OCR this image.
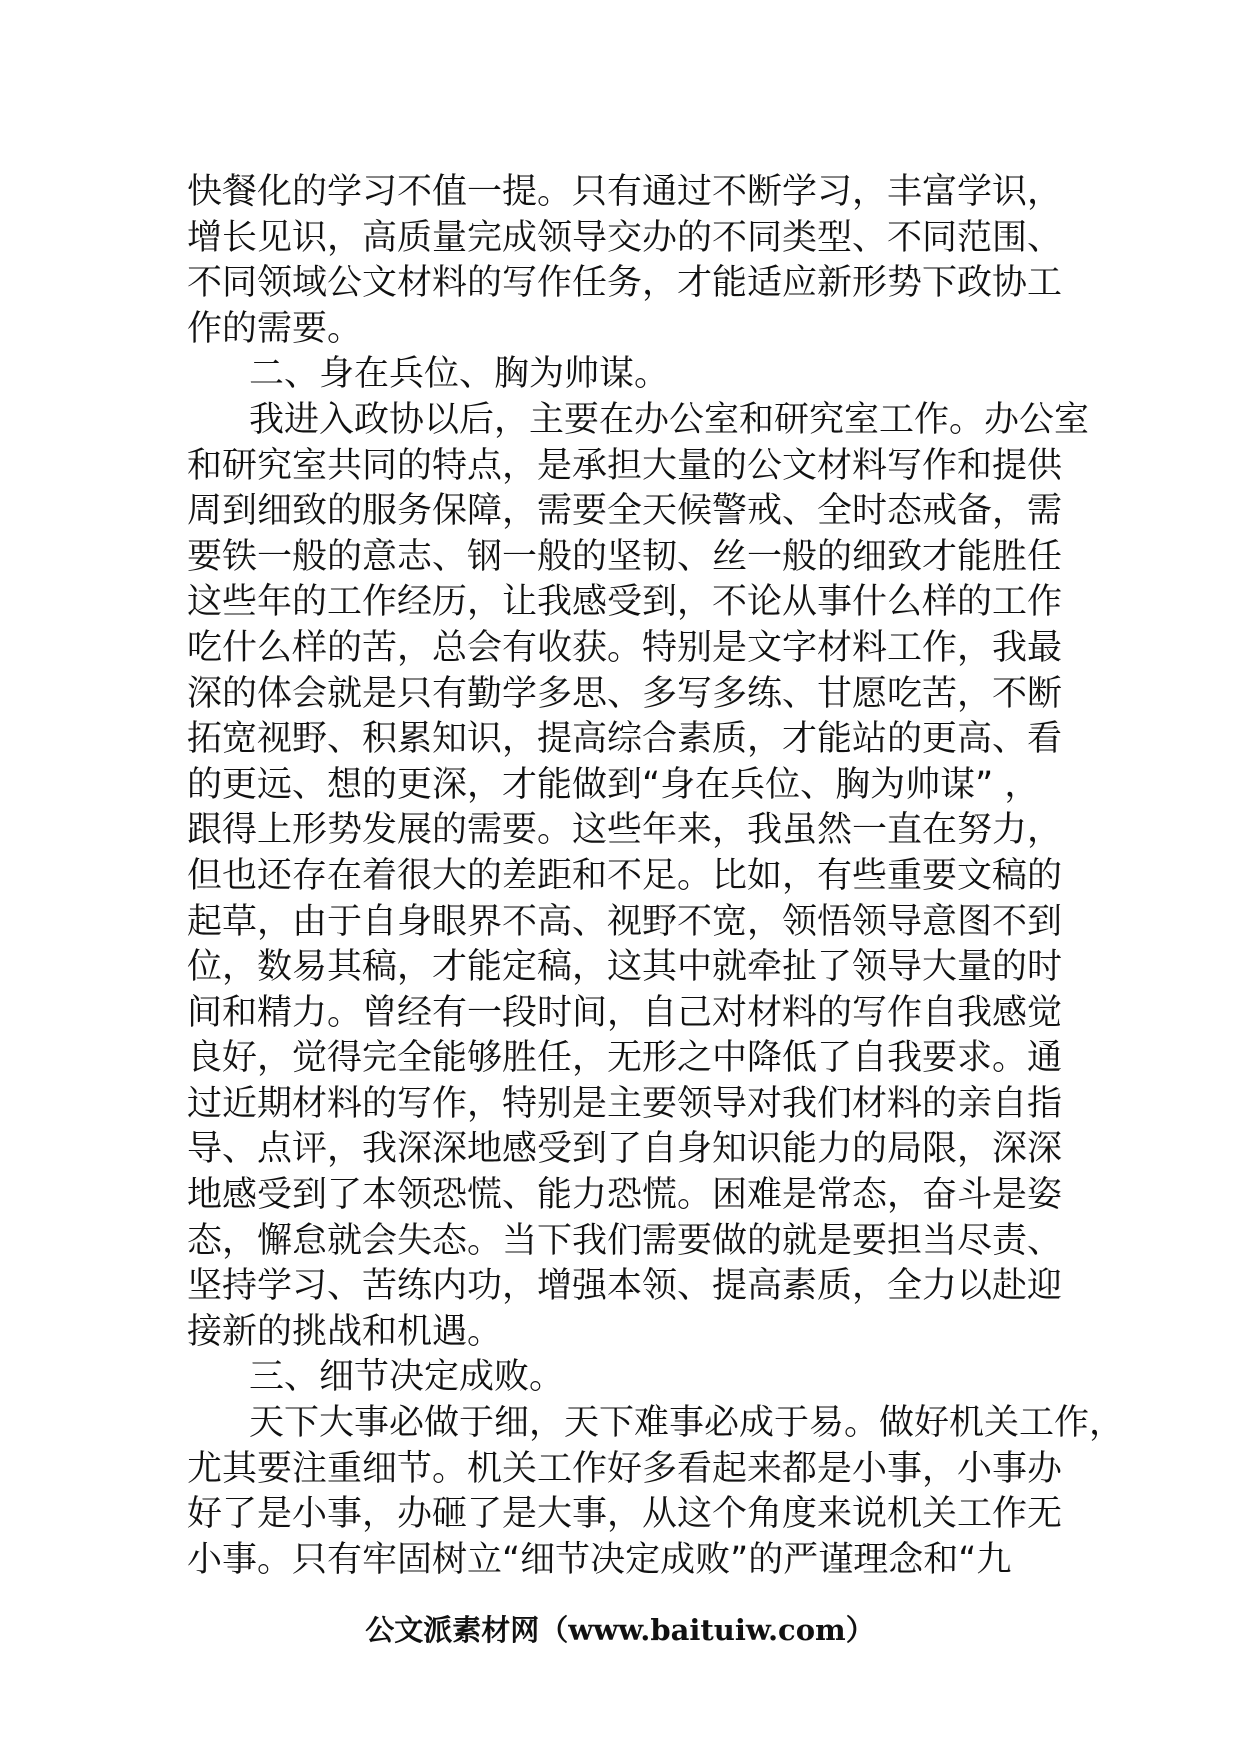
快餐化的学习不值一提。只有通过不断学习，丰富学识，
增长见识，高质量完成领导交办的不同类型、不同范围、
不同领域公文材料的写作任务，才能适应新形势下政协工
作的需要。
二、身在兵位、胸为帅谋。
我进入政协以后，主要在办公室和研究室工作。办公室
和研究室共同的特点，是承担大量的公文材料写作和提供
周到细致的服务保障，需要全天候警戒、全时态戒备，需
要铁一般的意志、钢一般的坚韧、丝一般的细致才能胜任
这些年的工作经历，让我感受到，不论从事什么样的工作
吃什么样的苦，总会有收获。特别是文字材料工作，我最
深的体会就是只有勤学多思、多写多练、甘愿吃苦，不断
拓宽视野、积累知识，提高综合素质，才能站的更高、看
的更远、想的更深，才能做到“身在兵位、胸为帅谋” ，
跟得上形势发展的需要。这些年来，我虽然一直在努力，
但也还存在着很大的差距和不足。比如，有些重要文稿的
起草，由于自身眼界不高、视野不宽，领悟领导意图不到
位，数易其稿，才能定稿，这其中就牵扯了领导大量的时
间和精力。曾经有一段时间，自己对材料的写作自我感觉
良好，觉得完全能够胜任，无形之中降低了自我要求。通
过近期材料的写作，特别是主要领导对我们材料的亲自指
导、点评，我深深地感受到了自身知识能力的局限，深深
地感受到了本领恐慌、能力恐慌。困难是常态，奋斗是姿
态，懈怠就会失态。当下我们需要做的就是要担当尽责、
坚持学习、苦练内功，增强本领、提高素质，全力以赴迎
接新的挑战和机遇。
三、细节决定成败。
天下大事必做于细，天下难事必成于易。做好机关工作，
尤其要注重细节。机关工作好多看起来都是小事，小事办
好了是小事，办砸了是大事，从这个角度来说机关工作无
小事。只有牢固树立“细节决定成败”的严谨理念和“九
公文派素材网（www.baituiw.com）
